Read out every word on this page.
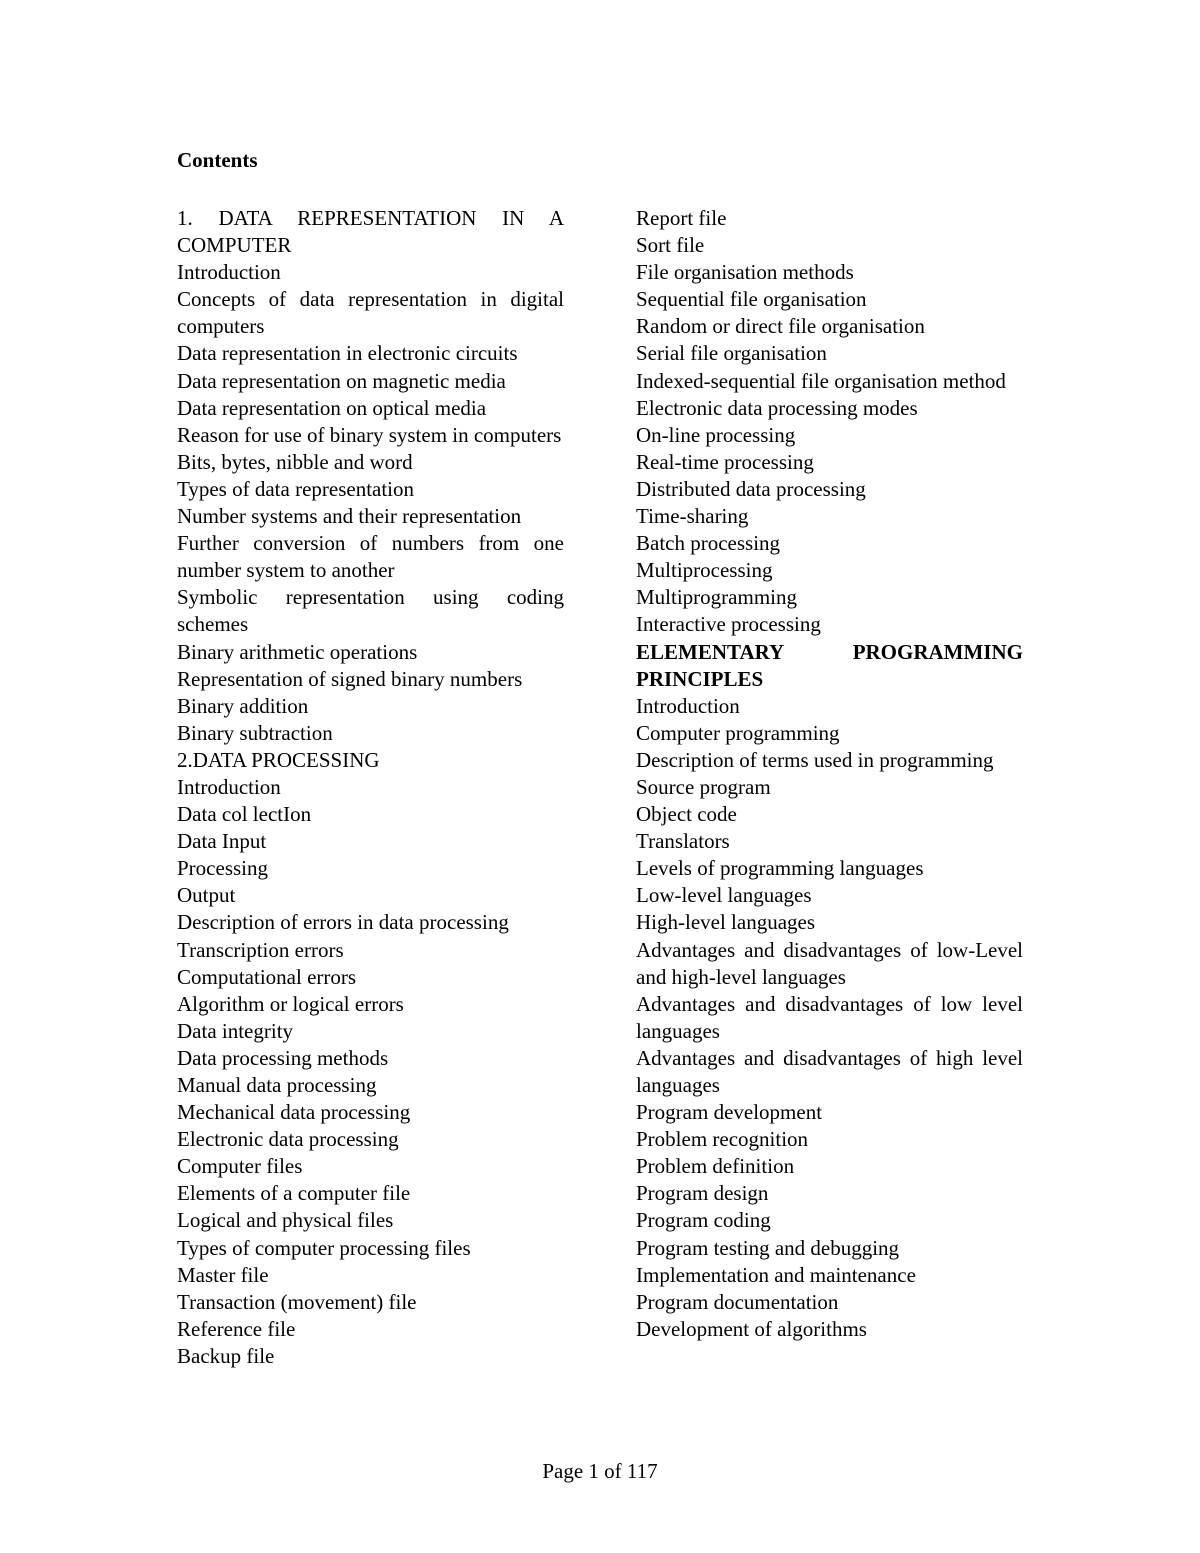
Contents
1. DATA REPRESENTATION IN A COMPUTER
Introduction
Concepts of data representation in digital computers
Data representation in electronic circuits
Data representation on magnetic media
Data representation on optical media
Reason for use of binary system in computers
Bits, bytes, nibble and word
Types of data representation
Number systems and their representation
Further conversion of numbers from one number system to another
Symbolic representation using coding schemes
Binary arithmetic operations
Representation of signed binary numbers
Binary addition
Binary subtraction
2.DATA PROCESSING
Introduction
Data col lectIon
Data Input
Processing
Output
Description of errors in data processing
Transcription errors
Computational errors
Algorithm or logical errors
Data integrity
Data processing methods
Manual data processing
Mechanical data processing
Electronic data processing
Computer files
Elements of a computer file
Logical and physical files
Types of computer processing files
Master file
Transaction (movement) file
Reference file
Backup file
Report file
Sort file
File organisation methods
Sequential file organisation
Random or direct file organisation
Serial file organisation
Indexed-sequential file organisation method
Electronic data processing modes
On-line processing
Real-time processing
Distributed data processing
Time-sharing
Batch processing
Multiprocessing
Multiprogramming
Interactive processing
ELEMENTARY PROGRAMMING PRINCIPLES
Introduction
Computer programming
Description of terms used in programming
Source program
Object code
Translators
Levels of programming languages
Low-level languages
High-level languages
Advantages and disadvantages of low-Level and high-level languages
Advantages and disadvantages of low level languages
Advantages and disadvantages of high level languages
Program development
Problem recognition
Problem definition
Program design
Program coding
Program testing and debugging
Implementation and maintenance
Program documentation
Development of algorithms
Page 1 of 117
